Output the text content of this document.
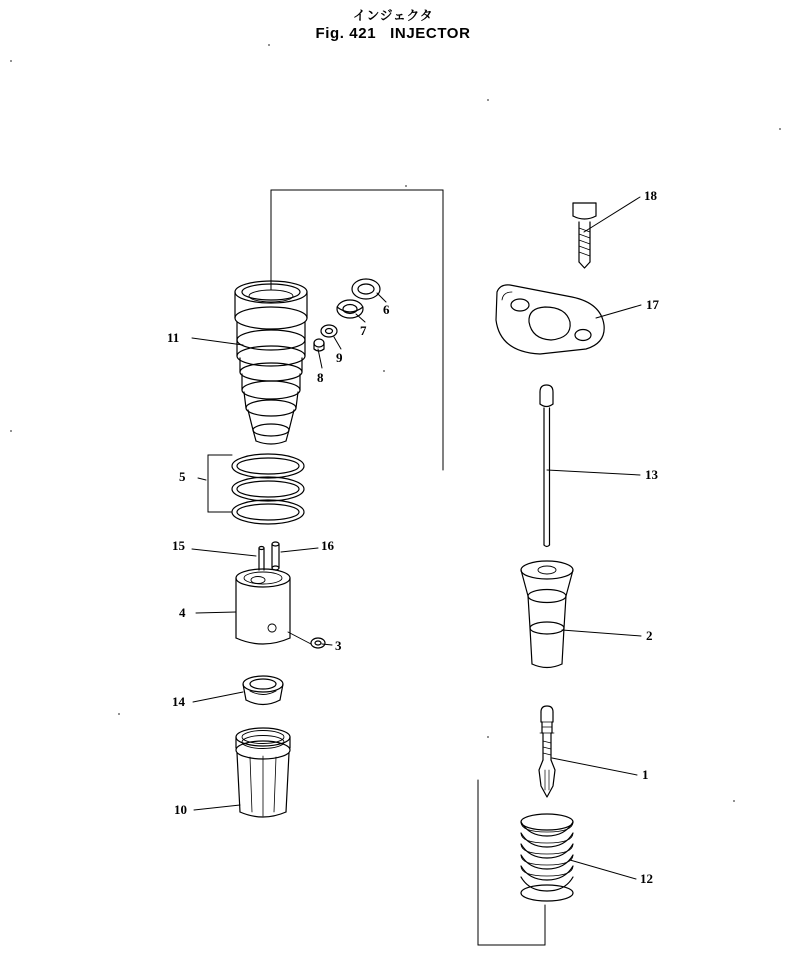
インジェクタ
Fig. 421 INJECTOR
18
17
13
2
1
12
11
8
9
7
6
5
15	16
4
3
14
10
